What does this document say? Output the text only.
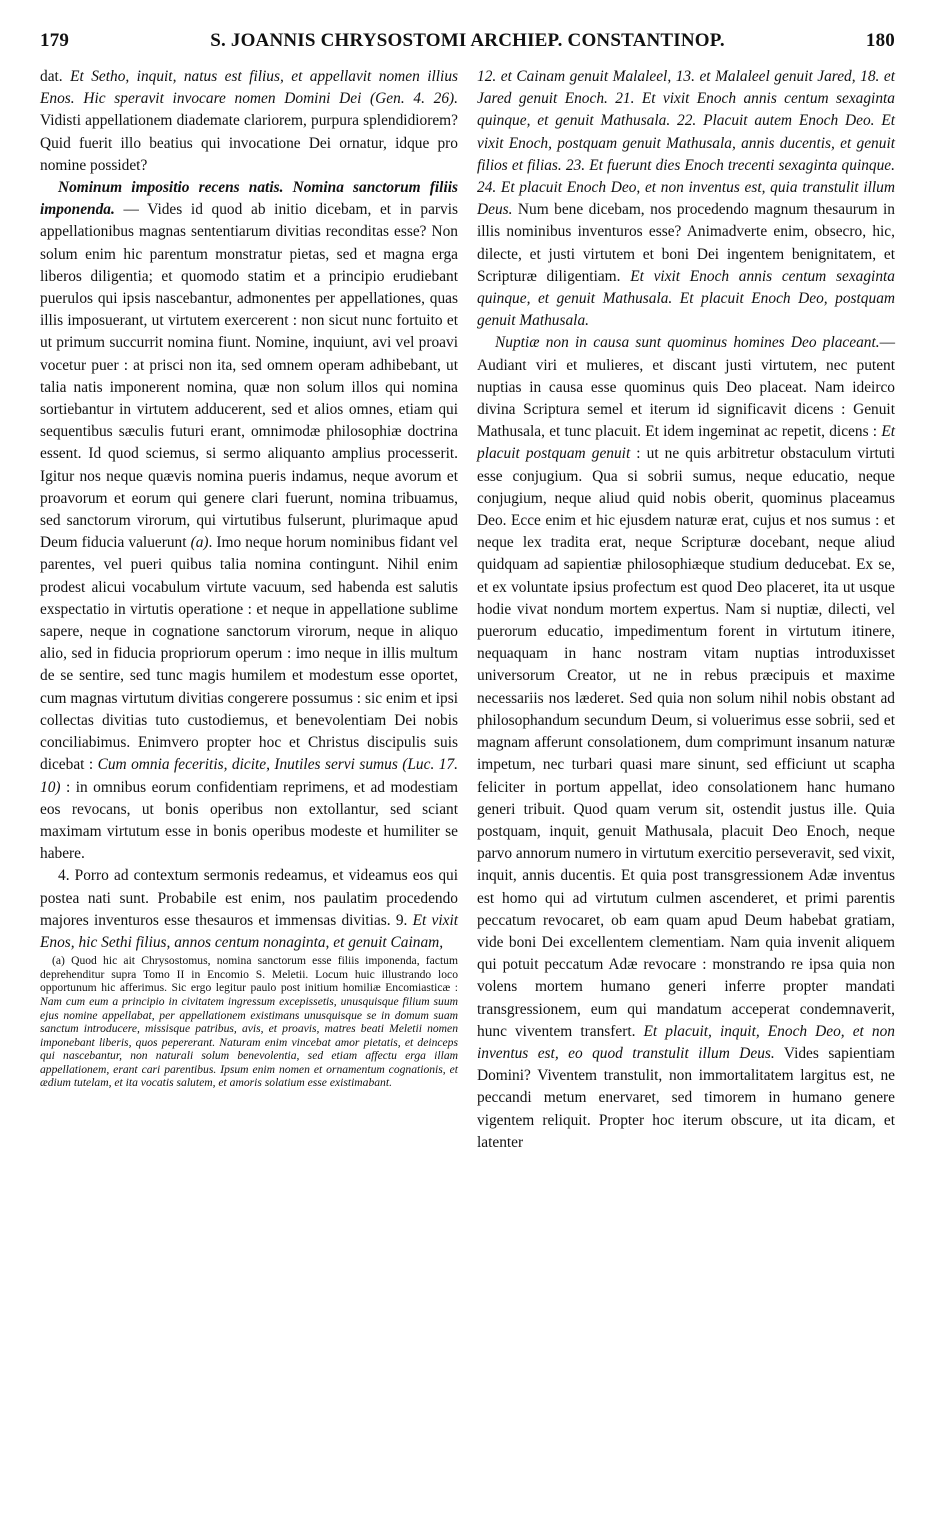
179	S. JOANNIS CHRYSOSTOMI ARCHIEP. CONSTANTINOP.	180

dat. Et Setho, inquit, natus est filius, et appellavit nomen illius Enos. Hic speravit invocare nomen Domini Dei (Gen. 4. 26). Vidisti appellationem diademate clariorem, purpura splendidiorem? Quid fuerit illo beatius qui invocatione Dei ornatur, idque pro nomine possidet?

Nominum impositio recens natis. Nomina sanctorum filiis imponenda. — Vides id quod ab initio dicebam, et in parvis appellationibus magnas sententiarum divitias reconditas esse? Non solum enim hic parentum monstratur pietas, sed et magna erga liberos diligentia; et quomodo statim et a principio erudiebant puerulos qui ipsis nascebantur, admonentes per appellationes, quas illis imposuerant, ut virtutem exercerent : non sicut nunc fortuito et ut primum succurrit nomina fiunt. Nomine, inquiunt, avi vel proavi vocetur puer : at prisci non ita, sed omnem operam adhibebant, ut talia natis imponerent nomina, quæ non solum illos qui nomina sortiebantur in virtutem adducerent, sed et alios omnes, etiam qui sequentibus sæculis futuri erant, omnimodæ philosophiæ doctrina essent. Id quod sciemus, si sermo aliquanto amplius processerit. Igitur nos neque quævis nomina pueris indamus, neque avorum et proavorum et eorum qui genere clari fuerunt, nomina tribuamus, sed sanctorum virorum, qui virtutibus fulserunt, plurimaque apud Deum fiducia valuerunt (a). Imo neque horum nominibus fidant vel parentes, vel pueri quibus talia nomina contingunt. Nihil enim prodest alicui vocabulum virtute vacuum, sed habenda est salutis exspectatio in virtutis operatione : et neque in appellatione sublime sapere, neque in cognatione sanctorum virorum, neque in aliquo alio, sed in fiducia propriorum operum : imo neque in illis multum de se sentire, sed tunc magis humilem et modestum esse oportet, cum magnas virtutum divitias congerere possumus : sic enim et ipsi collectas divitias tuto custodiemus, et benevolentiam Dei nobis conciliabimus. Enimvero propter hoc et Christus discipulis suis dicebat : Cum omnia feceritis, dicite, Inutiles servi sumus (Luc. 17. 10) : in omnibus eorum confidentiam reprimens, et ad modestiam eos revocans, ut bonis operibus non extollantur, sed sciant maximam virtutum esse in bonis operibus modeste et humiliter se habere.

4. Porro ad contextum sermonis redeamus, et videamus eos qui postea nati sunt. Probabile est enim, nos paulatim procedendo majores inventuros esse thesauros et immensas divitias. 9. Et vixit Enos, hic Sethi filius, annos centum nonaginta, et genuit Cainam,

(a) Quod hic ait Chrysostomus, nomina sanctorum esse filiis imponenda, factum deprehenditur supra Tomo II in Encomio S. Meletii. Locum huic illustrando loco opportunum hic afferimus. Sic ergo legitur paulo post initium homiliæ Encomiasticæ : Nam cum eum a principio in civitatem ingressum excepissetis, unusquisque filium suum ejus nomine appellabat, per appellationem existimans unusquisque se in domum suam sanctum introducere, missisque patribus, avis, et proavis, matres beati Meletii nomen imponebant liberis, quos pepererant. Naturam enim vincebat amor pietatis, et deinceps qui nascebantur, non naturali solum benevolentia, sed etiam affectu erga illam appellationem, erant cari parentibus. Ipsum enim nomen et ornamentum cognationis, et ædium tutelam, et ita vocatis salutem, et amoris solatium esse existimabant.

12. et Cainam genuit Malaleel, 13. et Malaleel genuit Jared, 18. et Jared genuit Enoch. 21. Et vixit Enoch annis centum sexaginta quinque, et genuit Mathusala. 22. Placuit autem Enoch Deo. Et vixit Enoch, postquam genuit Mathusala, annis ducentis, et genuit filios et filias. 23. Et fuerunt dies Enoch trecenti sexaginta quinque. 24. Et placuit Enoch Deo, et non inventus est, quia transtulit illum Deus. Num bene dicebam, nos procedendo magnum thesaurum in illis nominibus inventuros esse? Animadverte enim, obsecro, hic, dilecte, et justi virtutem et boni Dei ingentem benignitatem, et Scripturæ diligentiam. Et vixit Enoch annis centum sexaginta quinque, et genuit Mathusala. Et placuit Enoch Deo, postquam genuit Mathusala.

Nuptiæ non in causa sunt quominus homines Deo placeant.— Audiant viri et mulieres, et discant justi virtutem, nec putent nuptias in causa esse quominus quis Deo placeat. Nam ideirco divina Scriptura semel et iterum id significavit dicens : Genuit Mathusala, et tunc placuit. Et idem ingeminat ac repetit, dicens : Et placuit postquam genuit : ut ne quis arbitretur obstaculum virtuti esse conjugium. Qua si sobrii sumus, neque educatio, neque conjugium, neque aliud quid nobis oberit, quominus placeamus Deo. Ecce enim et hic ejusdem naturæ erat, cujus et nos sumus : et neque lex tradita erat, neque Scripturæ docebant, neque aliud quidquam ad sapientiæ philosophiæque studium deducebat. Ex se, et ex voluntate ipsius profectum est quod Deo placeret, ita ut usque hodie vivat nondum mortem expertus. Nam si nuptiæ, dilecti, vel puerorum educatio, impedimentum forent in virtutum itinere, nequaquam in hanc nostram vitam nuptias introduxisset universorum Creator, ut ne in rebus præcipuis et maxime necessariis nos læderet. Sed quia non solum nihil nobis obstant ad philosophandum secundum Deum, si voluerimus esse sobrii, sed et magnam afferunt consolationem, dum comprimunt insanum naturæ impetum, nec turbari quasi mare sinunt, sed efficiunt ut scapha feliciter in portum appellat, ideo consolationem hanc humano generi tribuit. Quod quam verum sit, ostendit justus ille. Quia postquam, inquit, genuit Mathusala, placuit Deo Enoch, neque parvo annorum numero in virtutum exercitio perseveravit, sed vixit, inquit, annis ducentis. Et quia post transgressionem Adæ inventus est homo qui ad virtutum culmen ascenderet, et primi parentis peccatum revocaret, ob eam quam apud Deum habebat gratiam, vide boni Dei excellentem clementiam. Nam quia invenit aliquem qui potuit peccatum Adæ revocare : monstrando re ipsa quia non volens mortem humano generi inferre propter mandati transgressionem, eum qui mandatum acceperat condemnaverit, hunc viventem transfert. Et placuit, inquit, Enoch Deo, et non inventus est, eo quod transtulit illum Deus. Vides sapientiam Domini? Viventem transtulit, non immortalitatem largitus est, ne peccandi metum enervaret, sed timorem in humano genere vigentem reliquit. Propter hoc iterum obscure, ut ita dicam, et latenter
